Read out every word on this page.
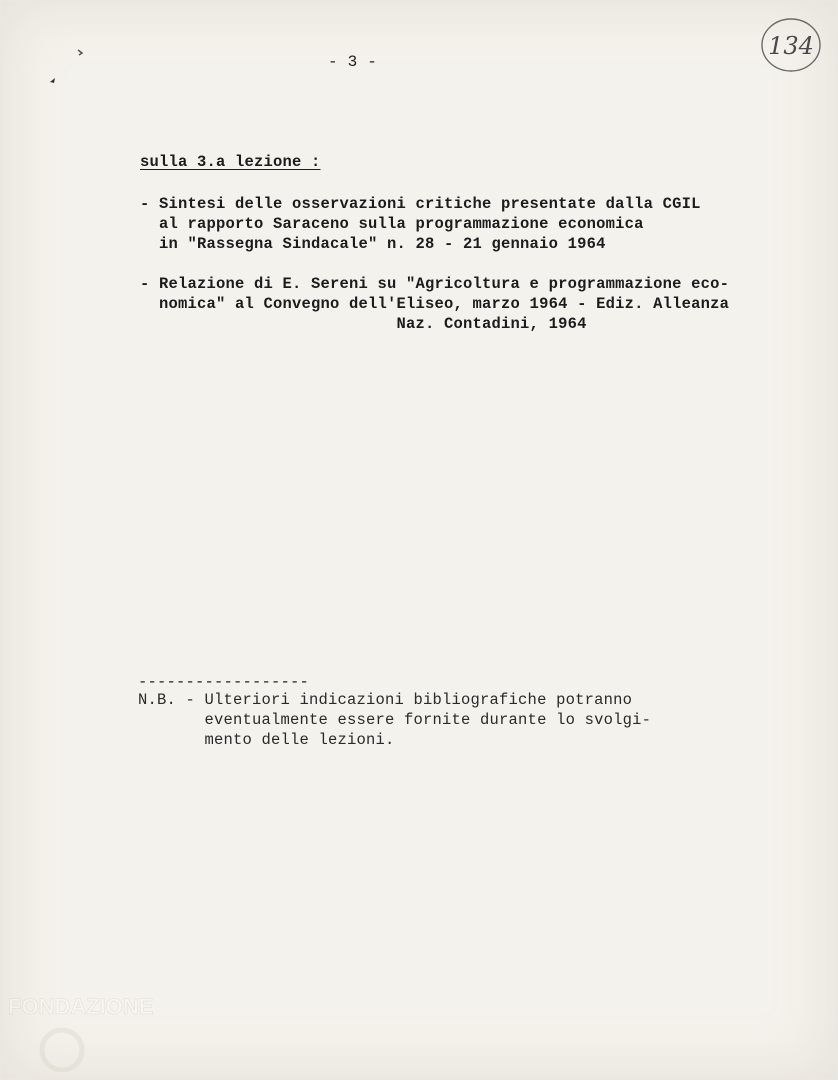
- 3 -
134
sulla 3.a lezione :
- Sintesi delle osservazioni critiche presentate dalla CGIL
al rapporto Saraceno sulla programmazione economica
in "Rassegna Sindacale" n. 28 - 21 gennaio 1964
- Relazione di E. Sereni su "Agricoltura e programmazione eco-
nomica" al Convegno dell'Eliseo, marzo 1964 - Ediz. Alleanza
Naz. Contadini, 1964
------------------
N.B. - Ulteriori indicazioni bibliografiche potranno
eventualmente essere fornite durante lo svolgi-
mento delle lezioni.
FONDAZIONE
